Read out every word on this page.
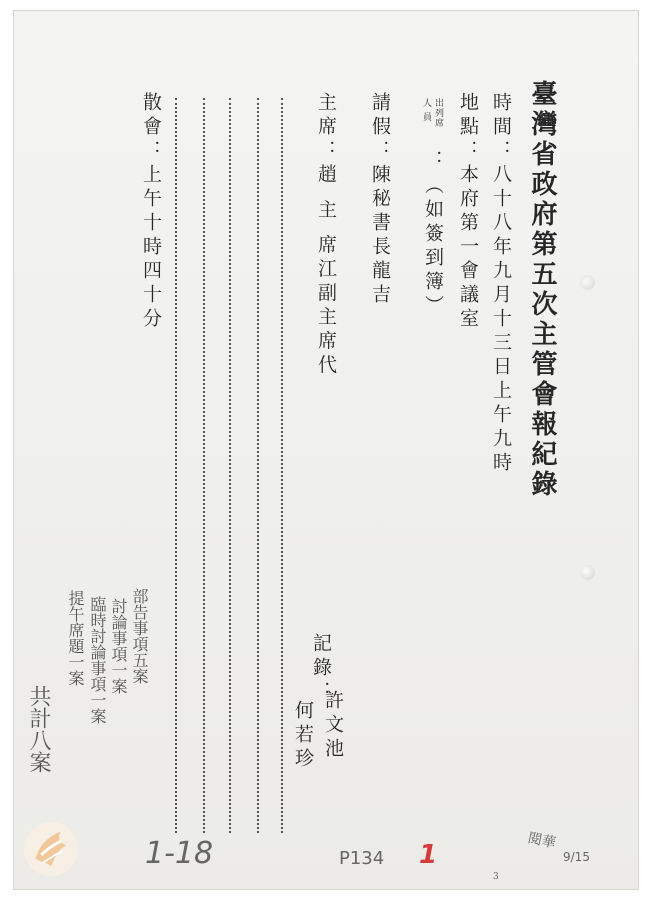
臺灣省政府第五次主管會報紀錄
時間：八十八年九月十三日上午九時
地點：本府第一會議室
出列席
人 員
：
（如簽到簿）
請假：陳秘書長龍吉
主席：趙 主 席江副主席代
散會：上午十時四十分
記錄：
許文池
何若珍
部告事項五案
討論事項一案
臨時討論事項一案
提午席題一案
共計八案
1-18	P134 1	閱華
9/15
3
